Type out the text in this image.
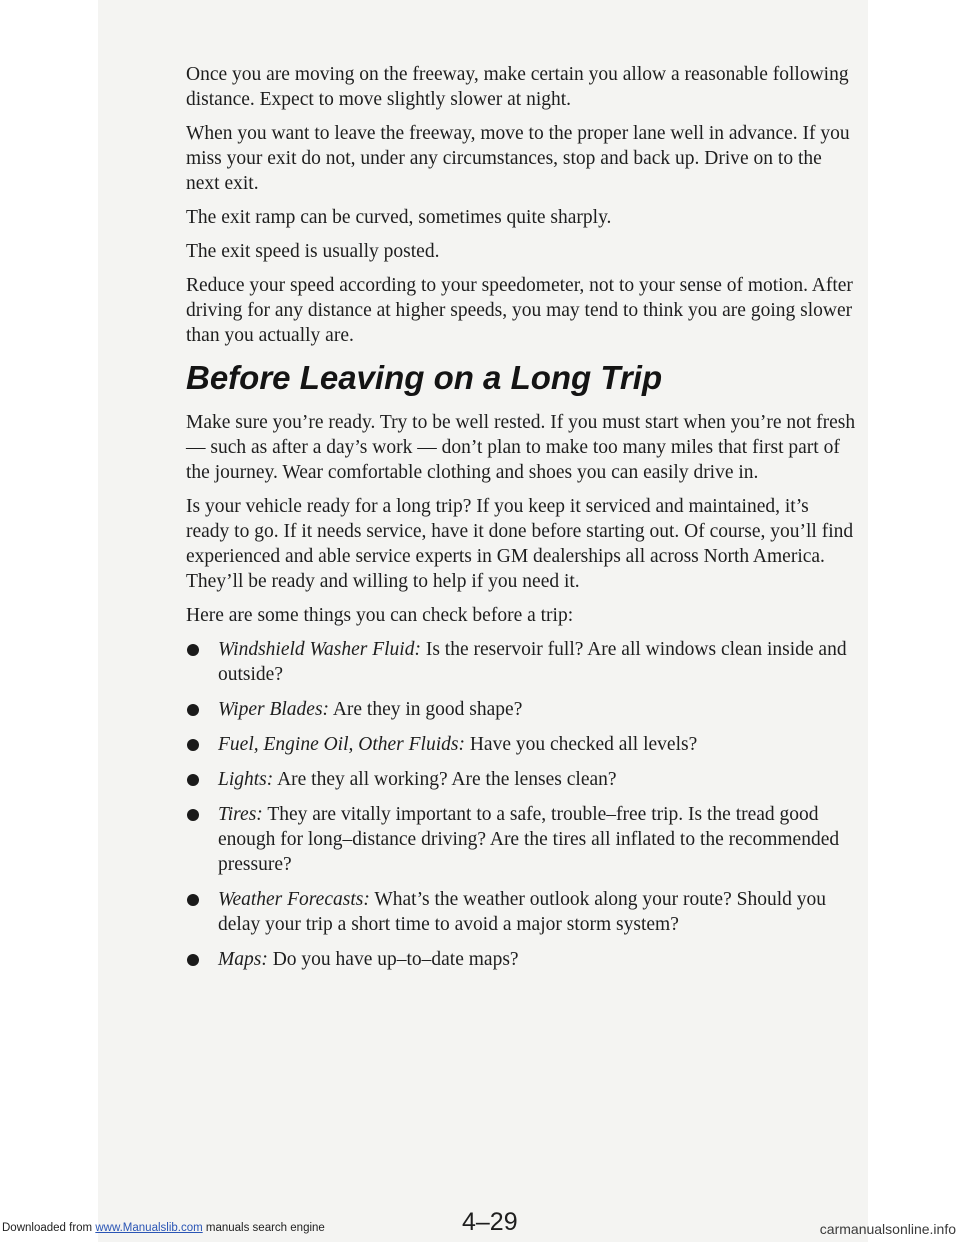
Once you are moving on the freeway, make certain you allow a reasonable following distance. Expect to move slightly slower at night.

When you want to leave the freeway, move to the proper lane well in advance. If you miss your exit do not, under any circumstances, stop and back up. Drive on to the next exit.

The exit ramp can be curved, sometimes quite sharply.

The exit speed is usually posted.

Reduce your speed according to your speedometer, not to your sense of motion. After driving for any distance at higher speeds, you may tend to think you are going slower than you actually are.

Before Leaving on a Long Trip

Make sure you’re ready. Try to be well rested. If you must start when you’re not fresh — such as after a day’s work — don’t plan to make too many miles that first part of the journey. Wear comfortable clothing and shoes you can easily drive in.

Is your vehicle ready for a long trip? If you keep it serviced and maintained, it’s ready to go. If it needs service, have it done before starting out. Of course, you’ll find experienced and able service experts in GM dealerships all across North America. They’ll be ready and willing to help if you need it.

Here are some things you can check before a trip:

Windshield Washer Fluid: Is the reservoir full? Are all windows clean inside and outside?
Wiper Blades: Are they in good shape?
Fuel, Engine Oil, Other Fluids: Have you checked all levels?
Lights: Are they all working? Are the lenses clean?
Tires: They are vitally important to a safe, trouble–free trip. Is the tread good enough for long–distance driving? Are the tires all inflated to the recommended pressure?
Weather Forecasts: What’s the weather outlook along your route? Should you delay your trip a short time to avoid a major storm system?
Maps: Do you have up–to–date maps?
4–29
Downloaded from www.Manualslib.com manuals search engine	carmanualsonline.info
